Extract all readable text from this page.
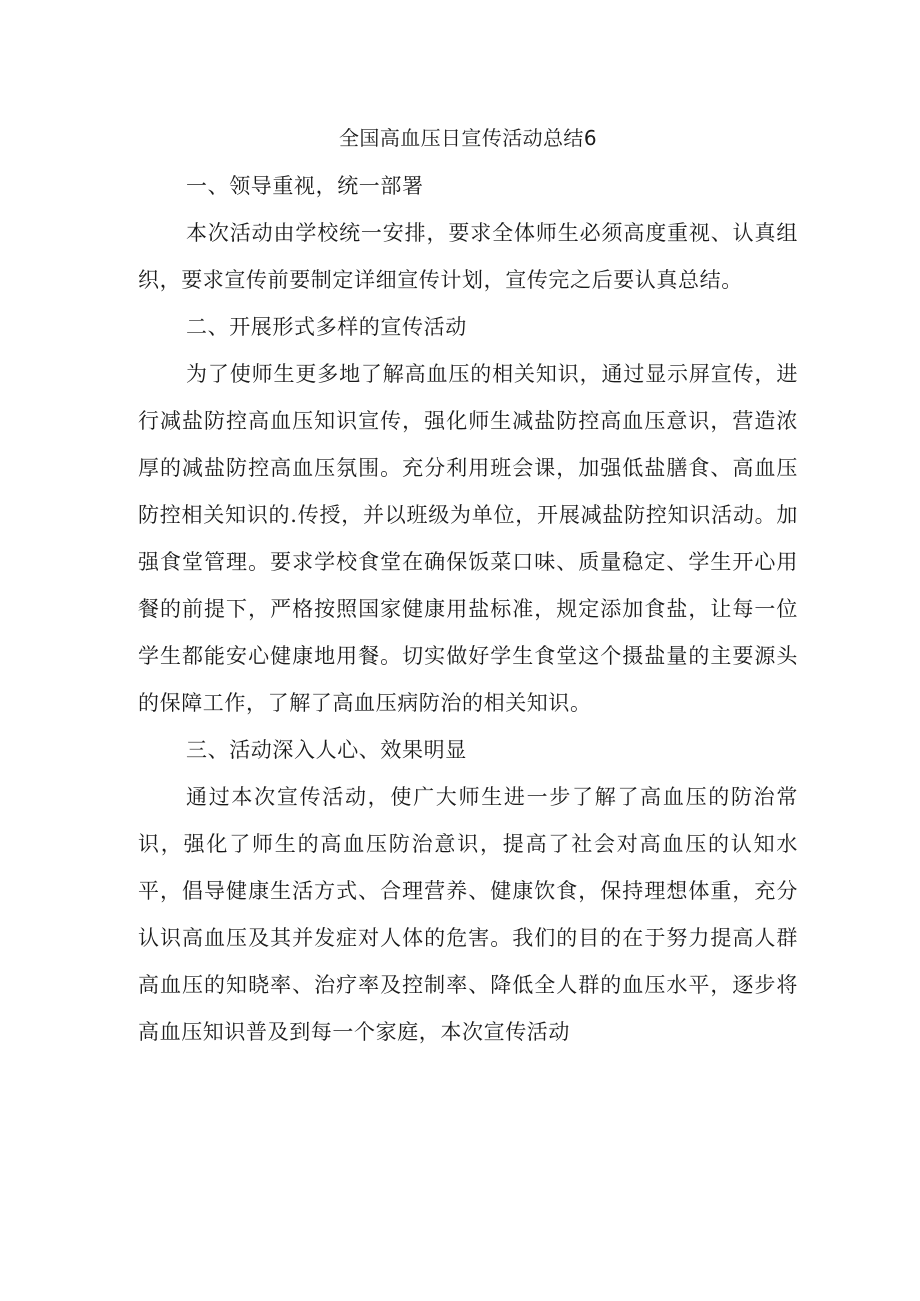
全国高血压日宣传活动总结6

一、领导重视，统一部署

本次活动由学校统一安排，要求全体师生必须高度重视、认真组织，要求宣传前要制定详细宣传计划，宣传完之后要认真总结。

二、开展形式多样的宣传活动

为了使师生更多地了解高血压的相关知识，通过显示屏宣传，进行减盐防控高血压知识宣传，强化师生减盐防控高血压意识，营造浓厚的减盐防控高血压氛围。充分利用班会课，加强低盐膳食、高血压防控相关知识的.传授，并以班级为单位，开展减盐防控知识活动。加强食堂管理。要求学校食堂在确保饭菜口味、质量稳定、学生开心用餐的前提下，严格按照国家健康用盐标准，规定添加食盐，让每一位学生都能安心健康地用餐。切实做好学生食堂这个摄盐量的主要源头的保障工作，了解了高血压病防治的相关知识。

三、活动深入人心、效果明显

通过本次宣传活动，使广大师生进一步了解了高血压的防治常识，强化了师生的高血压防治意识，提高了社会对高血压的认知水平，倡导健康生活方式、合理营养、健康饮食，保持理想体重，充分认识高血压及其并发症对人体的危害。我们的目的在于努力提高人群高血压的知晓率、治疗率及控制率、降低全人群的血压水平，逐步将高血压知识普及到每一个家庭，本次宣传活动
